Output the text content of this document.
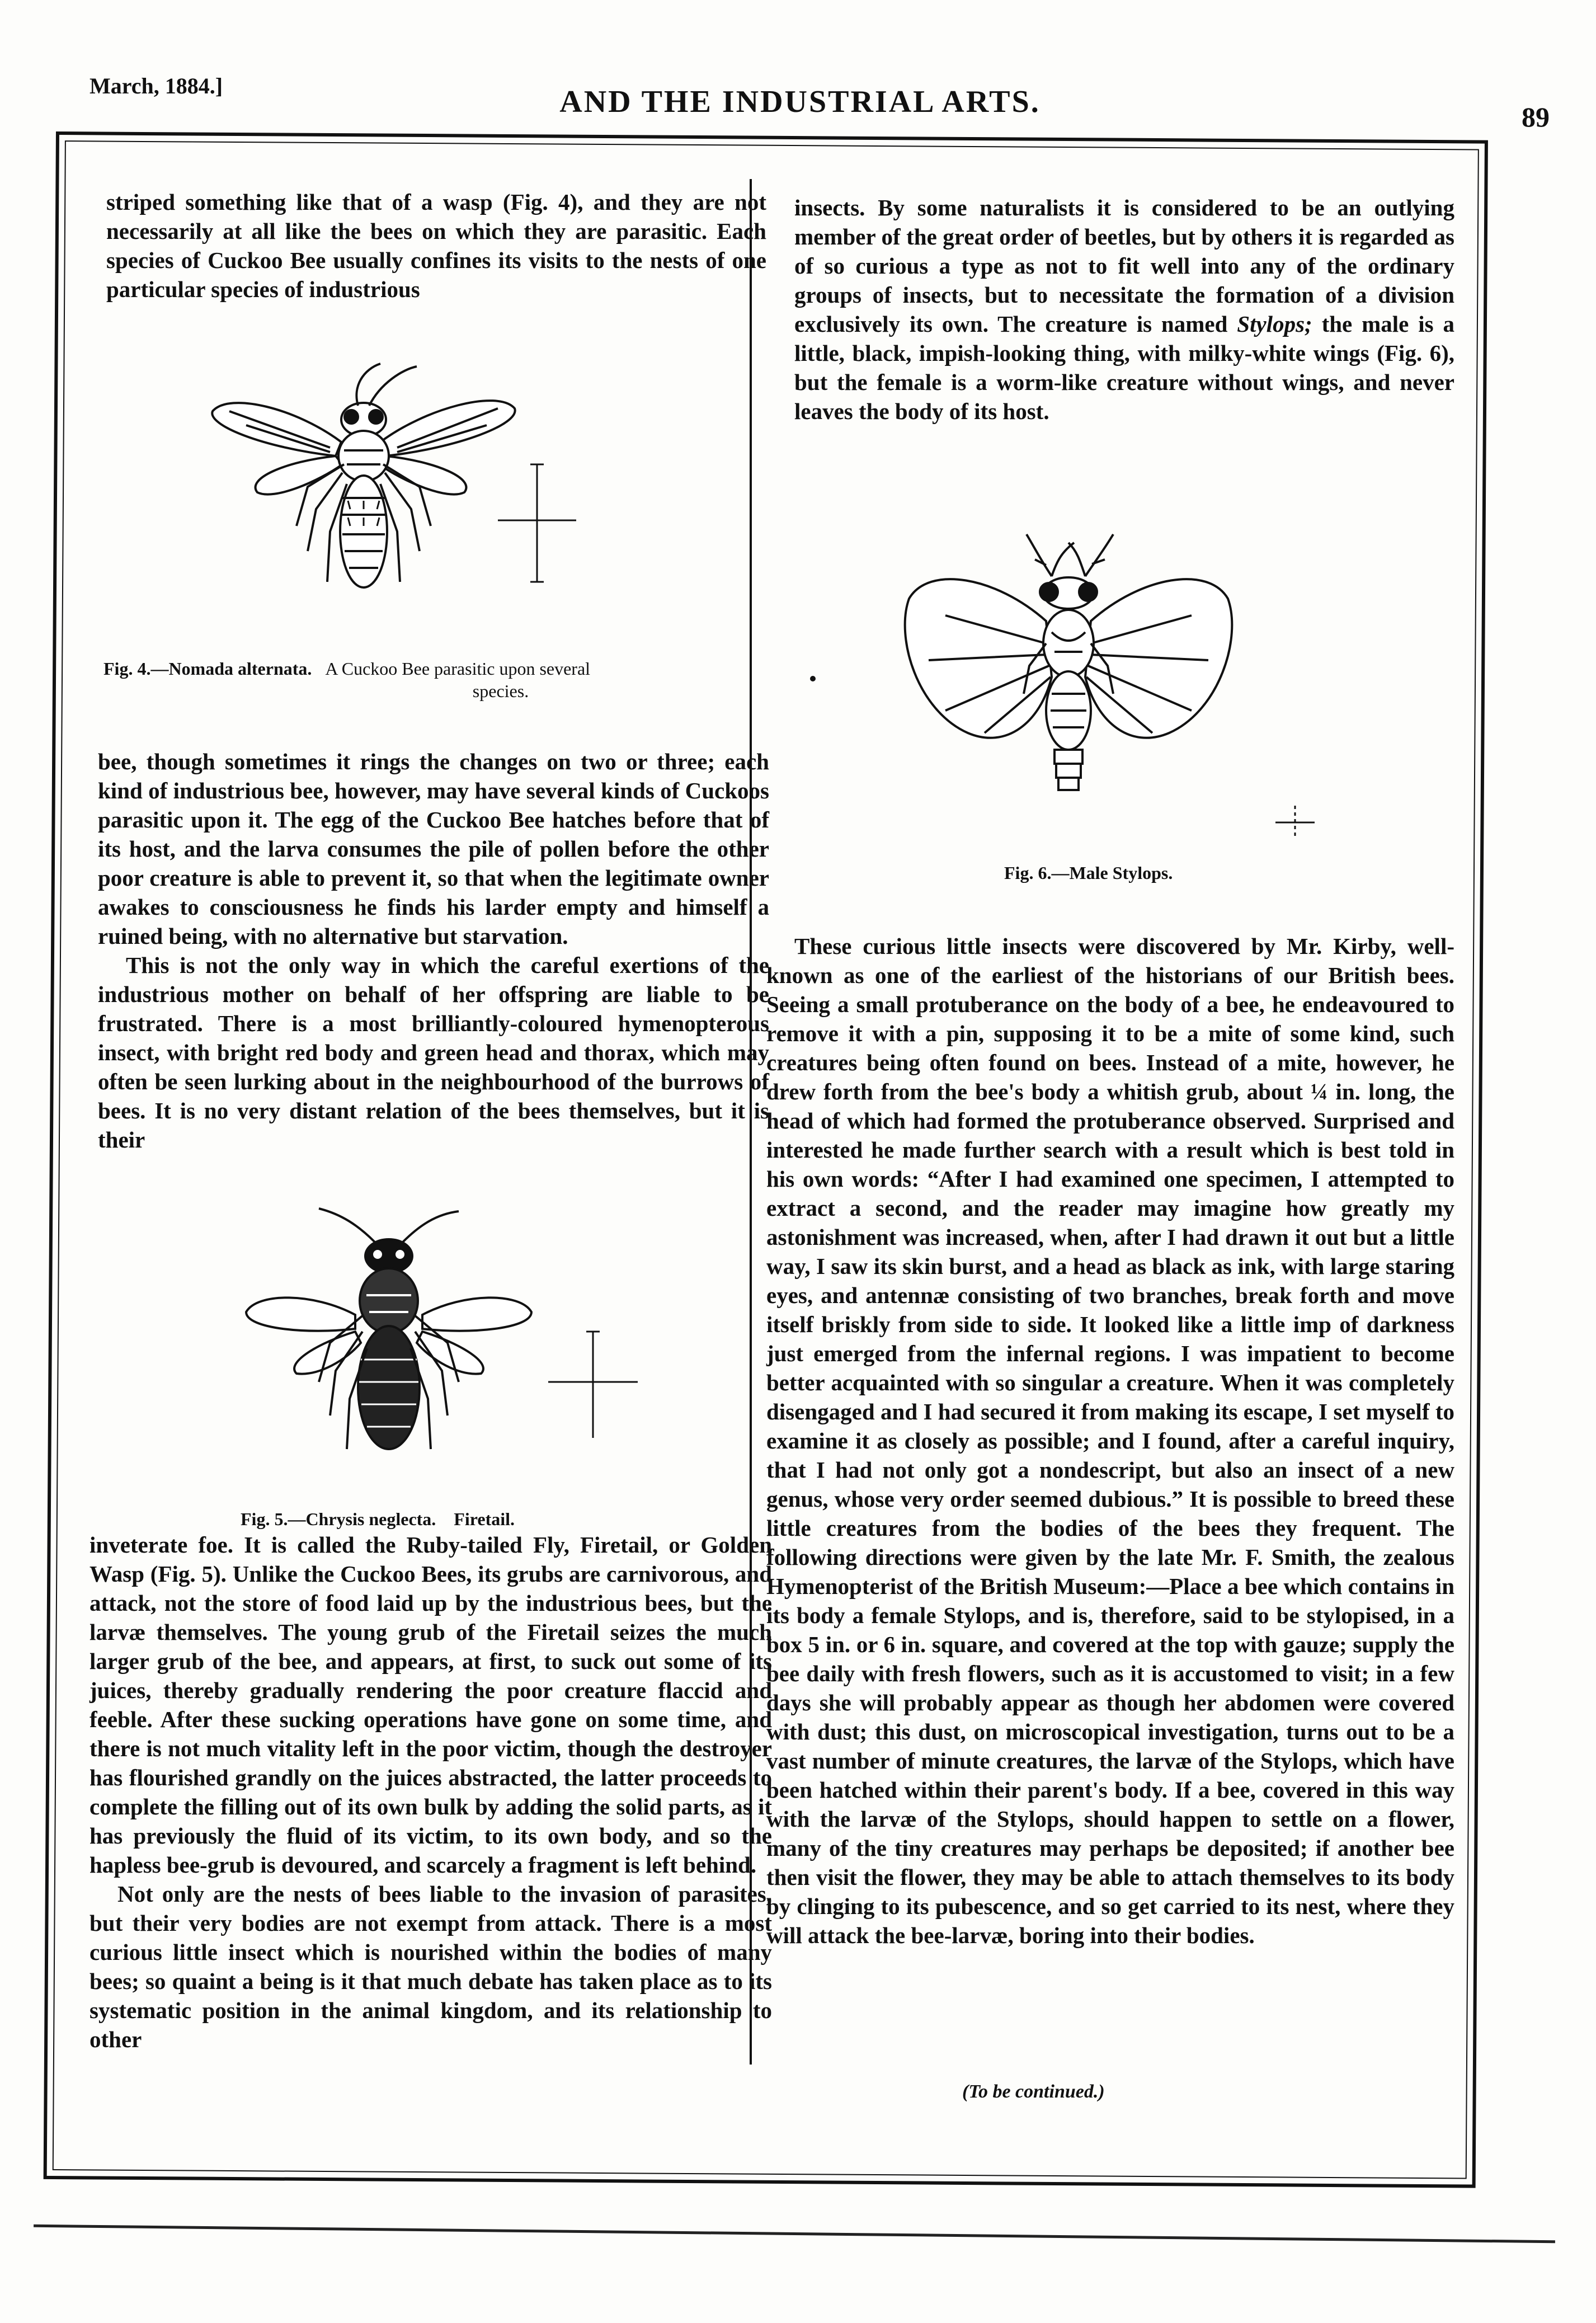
March, 1884.]	AND THE INDUSTRIAL ARTS.	89

striped something like that of a wasp (Fig. 4), and they are not necessarily at all like the bees on which they are parasitic. Each species of Cuckoo Bee usually confines its visits to the nests of one particular species of industrious

Fig. 4.—Nomada alternata. A Cuckoo Bee parasitic upon several
species.

bee, though sometimes it rings the changes on two or three; each kind of industrious bee, however, may have several kinds of Cuckoos parasitic upon it. The egg of the Cuckoo Bee hatches before that of its host, and the larva consumes the pile of pollen before the other poor creature is able to prevent it, so that when the legitimate owner awakes to consciousness he finds his larder empty and himself a ruined being, with no alternative but starvation.

This is not the only way in which the careful exertions of the industrious mother on behalf of her offspring are liable to be frustrated. There is a most brilliantly-coloured hymenopterous insect, with bright red body and green head and thorax, which may often be seen lurking about in the neighbourhood of the burrows of bees. It is no very distant relation of the bees themselves, but it is their

Fig. 5.—Chrysis neglecta. Firetail.

inveterate foe. It is called the Ruby-tailed Fly, Firetail, or Golden Wasp (Fig. 5). Unlike the Cuckoo Bees, its grubs are carnivorous, and attack, not the store of food laid up by the industrious bees, but the larvæ themselves. The young grub of the Firetail seizes the much larger grub of the bee, and appears, at first, to suck out some of its juices, thereby gradually rendering the poor creature flaccid and feeble. After these sucking operations have gone on some time, and there is not much vitality left in the poor victim, though the destroyer has flourished grandly on the juices abstracted, the latter proceeds to complete the filling out of its own bulk by adding the solid parts, as it has previously the fluid of its victim, to its own body, and so the hapless bee-grub is devoured, and scarcely a fragment is left behind.

Not only are the nests of bees liable to the invasion of parasites, but their very bodies are not exempt from attack. There is a most curious little insect which is nourished within the bodies of many bees; so quaint a being is it that much debate has taken place as to its systematic position in the animal kingdom, and its relationship to other

insects. By some naturalists it is considered to be an outlying member of the great order of beetles, but by others it is regarded as of so curious a type as not to fit well into any of the ordinary groups of insects, but to necessitate the formation of a division exclusively its own. The creature is named Stylops; the male is a little, black, impish-looking thing, with milky-white wings (Fig. 6), but the female is a worm-like creature without wings, and never leaves the body of its host.

Fig. 6.—Male Stylops.

These curious little insects were discovered by Mr. Kirby, well-known as one of the earliest of the historians of our British bees. Seeing a small protuberance on the body of a bee, he endeavoured to remove it with a pin, supposing it to be a mite of some kind, such creatures being often found on bees. Instead of a mite, however, he drew forth from the bee's body a whitish grub, about ¼ in. long, the head of which had formed the protuberance observed. Surprised and interested he made further search with a result which is best told in his own words: “After I had examined one specimen, I attempted to extract a second, and the reader may imagine how greatly my astonishment was increased, when, after I had drawn it out but a little way, I saw its skin burst, and a head as black as ink, with large staring eyes, and antennæ consisting of two branches, break forth and move itself briskly from side to side. It looked like a little imp of darkness just emerged from the infernal regions. I was impatient to become better acquainted with so singular a creature. When it was completely disengaged and I had secured it from making its escape, I set myself to examine it as closely as possible; and I found, after a careful inquiry, that I had not only got a nondescript, but also an insect of a new genus, whose very order seemed dubious.” It is possible to breed these little creatures from the bodies of the bees they frequent. The following directions were given by the late Mr. F. Smith, the zealous Hymenopterist of the British Museum:—Place a bee which contains in its body a female Stylops, and is, therefore, said to be stylopised, in a box 5 in. or 6 in. square, and covered at the top with gauze; supply the bee daily with fresh flowers, such as it is accustomed to visit; in a few days she will probably appear as though her abdomen were covered with dust; this dust, on microscopical investigation, turns out to be a vast number of minute creatures, the larvæ of the Stylops, which have been hatched within their parent's body. If a bee, covered in this way with the larvæ of the Stylops, should happen to settle on a flower, many of the tiny creatures may perhaps be deposited; if another bee then visit the flower, they may be able to attach themselves to its body by clinging to its pubescence, and so get carried to its nest, where they will attack the bee-larvæ, boring into their bodies.

(To be continued.)
